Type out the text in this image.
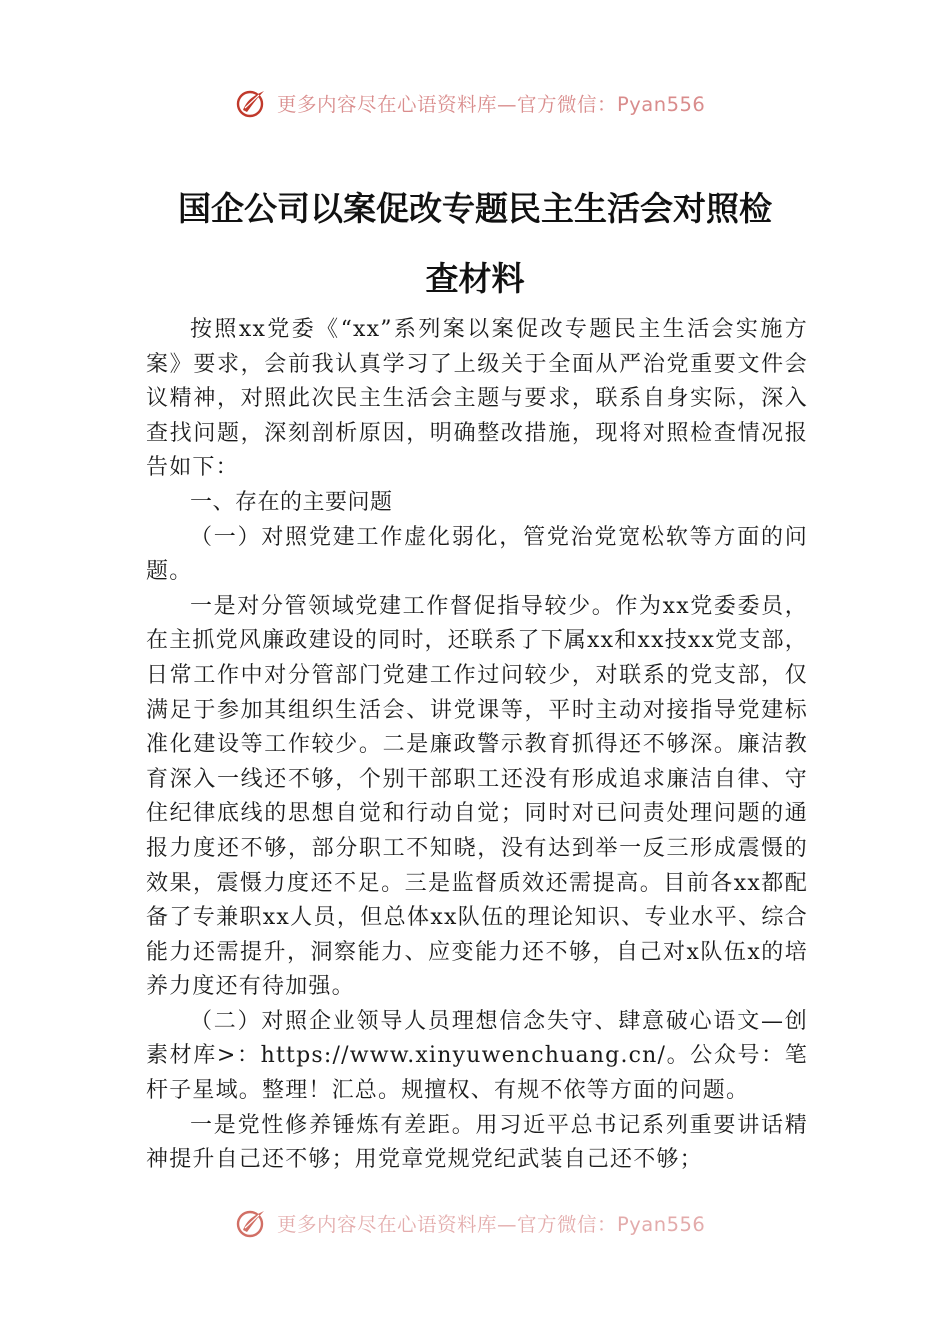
更多内容尽在心语资料库—官方微信：Pyan556
国企公司以案促改专题民主生活会对照检
查材料

按照xx党委《“xx”系列案以案促改专题民主生活会实施方案》要求，会前我认真学习了上级关于全面从严治党重要文件会议精神，对照此次民主生活会主题与要求，联系自身实际，深入查找问题，深刻剖析原因，明确整改措施，现将对照检查情况报告如下：

一、存在的主要问题

（一）对照党建工作虚化弱化，管党治党宽松软等方面的问题。

一是对分管领域党建工作督促指导较少。作为xx党委委员，在主抓党风廉政建设的同时，还联系了下属xx和xx技xx党支部，日常工作中对分管部门党建工作过问较少，对联系的党支部，仅满足于参加其组织生活会、讲党课等，平时主动对接指导党建标准化建设等工作较少。二是廉政警示教育抓得还不够深。廉洁教育深入一线还不够，个别干部职工还没有形成追求廉洁自律、守住纪律底线的思想自觉和行动自觉；同时对已问责处理问题的通报力度还不够，部分职工不知晓，没有达到举一反三形成震慑的效果，震慑力度还不足。三是监督质效还需提高。目前各xx都配备了专兼职xx人员，但总体xx队伍的理论知识、专业水平、综合能力还需提升，洞察能力、应变能力还不够，自己对x队伍x的培养力度还有待加强。

（二）对照企业领导人员理想信念失守、肆意破心语文—创素材库>：https://www.xinyuwenchuang.cn/。公众号：笔杆子星域。整理！汇总。规擅权、有规不依等方面的问题。

一是党性修养锤炼有差距。用习近平总书记系列重要讲话精神提升自己还不够；用党章党规党纪武装自己还不够；

更多内容尽在心语资料库—官方微信：Pyan556
